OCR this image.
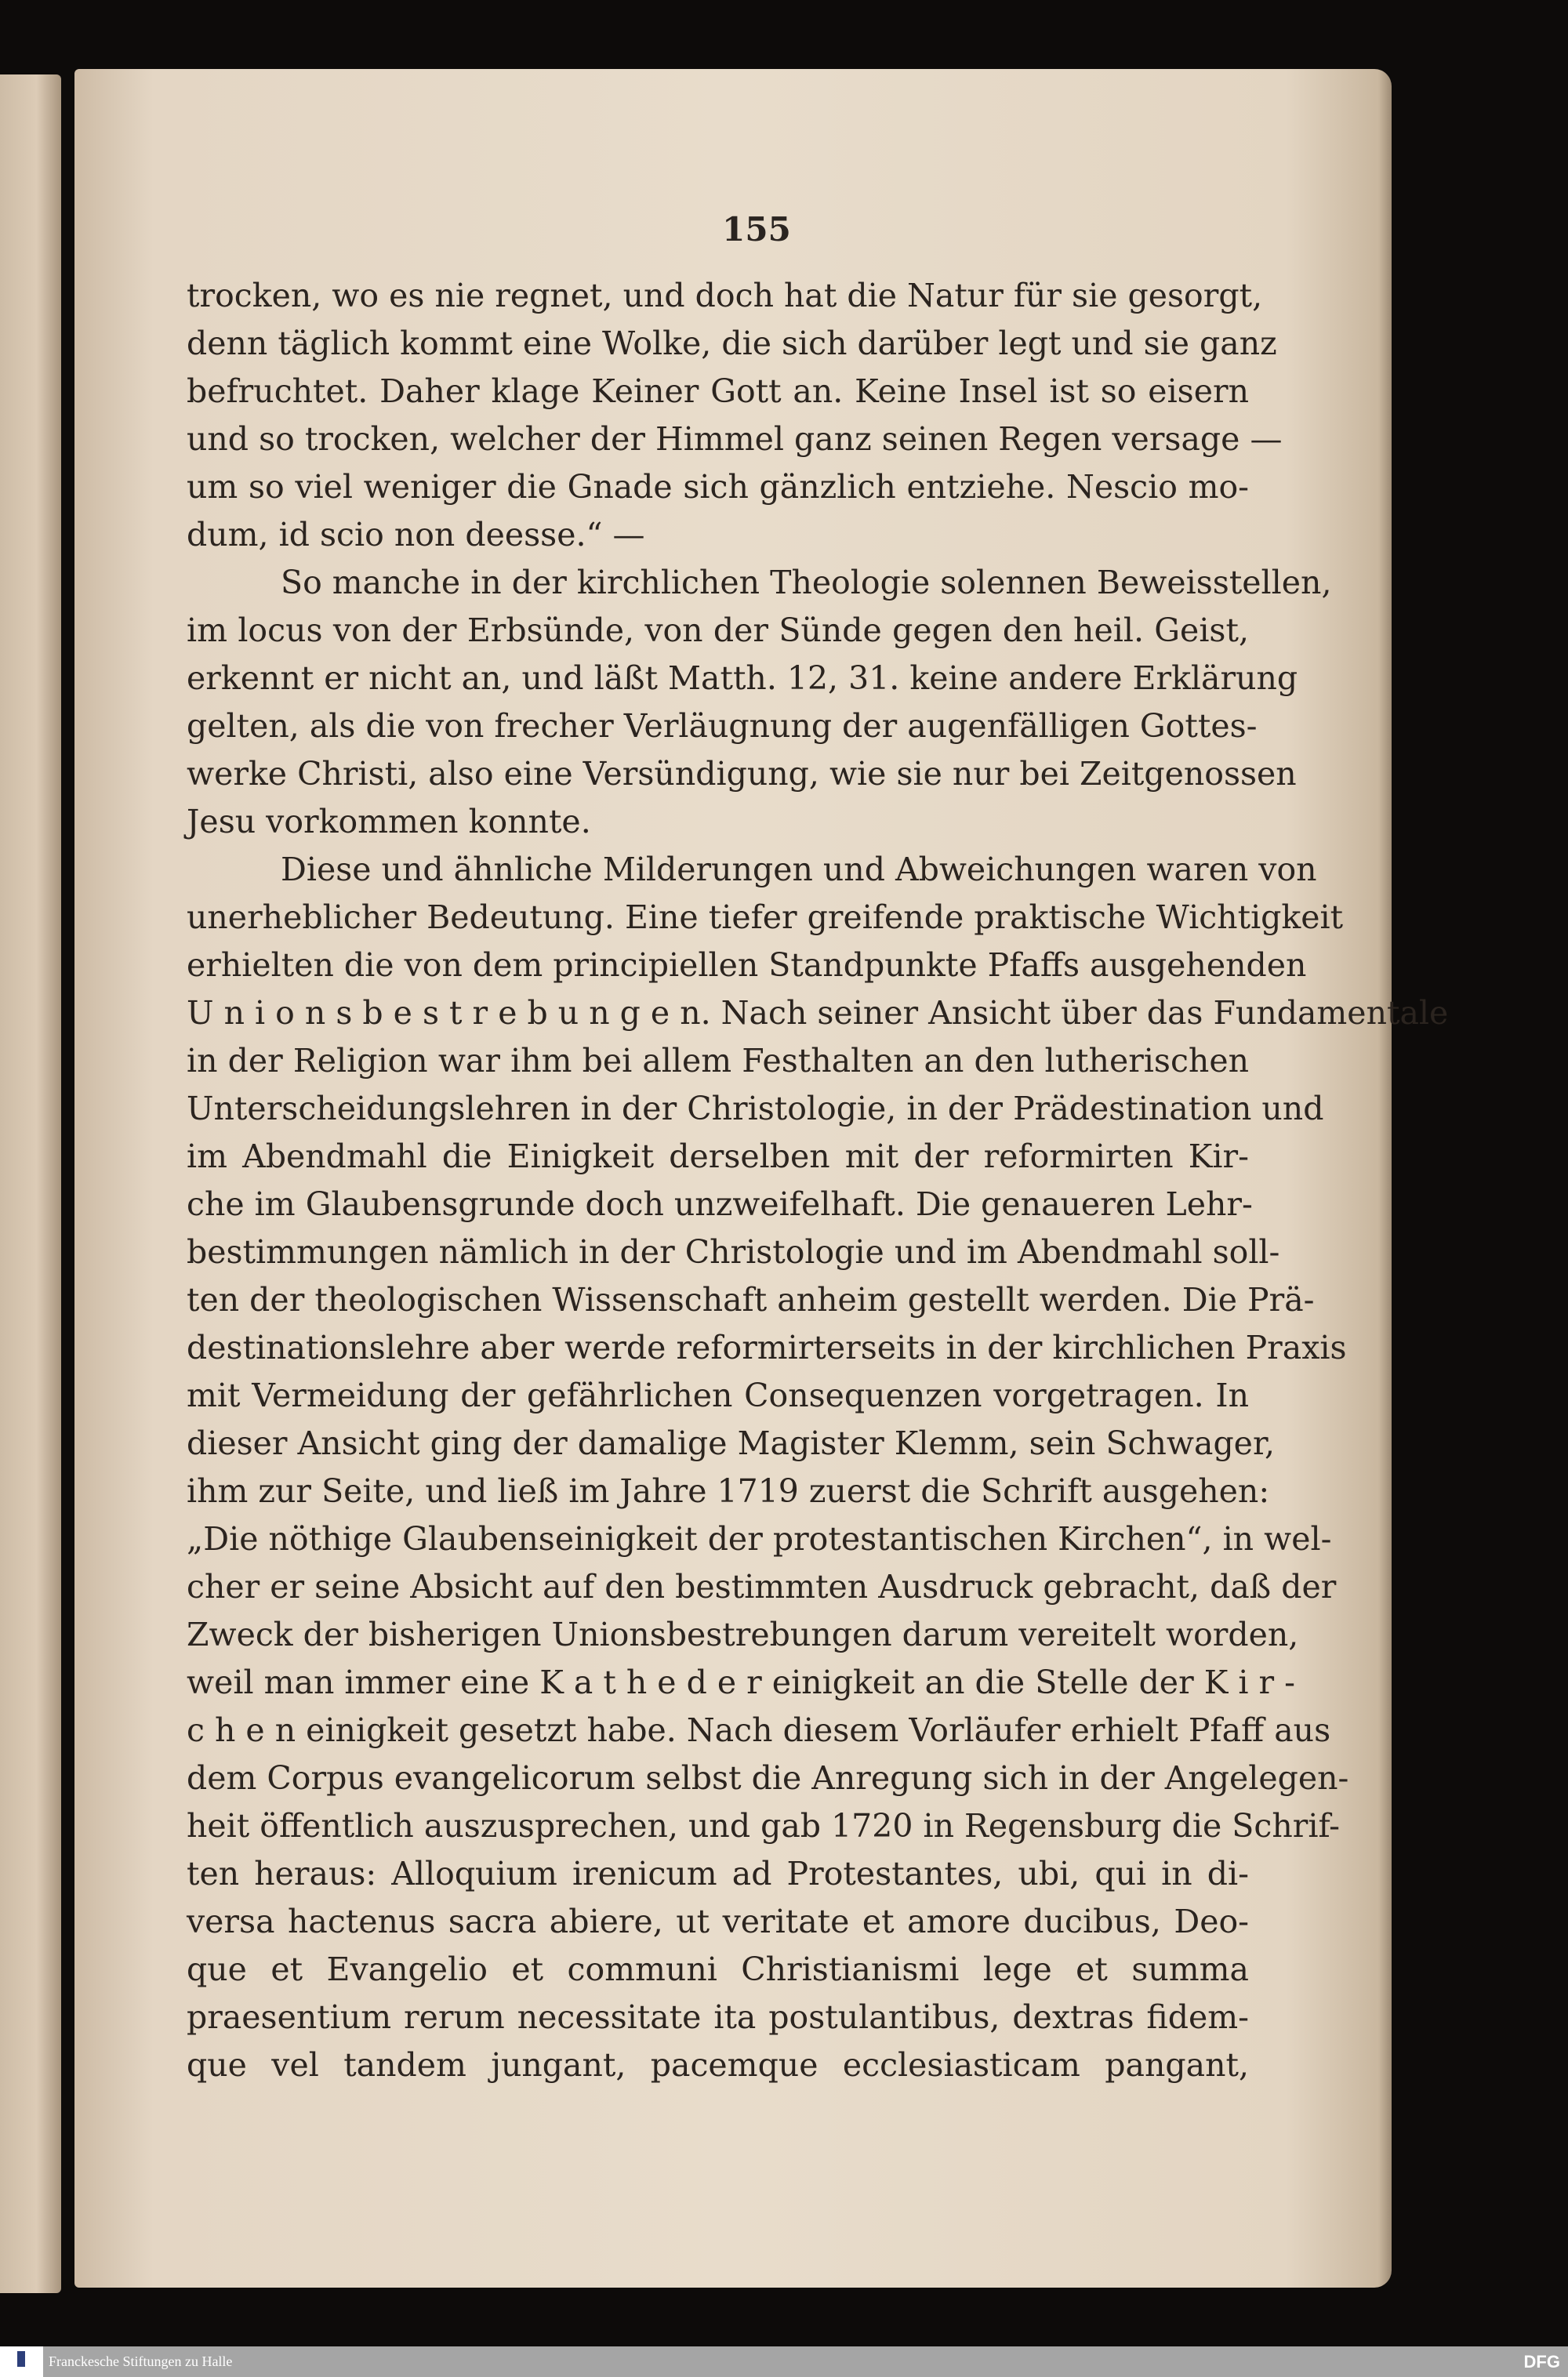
155
trocken, wo es nie regnet, und doch hat die Natur für sie gesorgt,
denn täglich kommt eine Wolke, die sich darüber legt und sie ganz
befruchtet. Daher klage Keiner Gott an. Keine Insel ist so eisern
und so trocken, welcher der Himmel ganz seinen Regen versage —
um so viel weniger die Gnade sich gänzlich entziehe. Nescio mo-
dum, id scio non deesse.“ —
So manche in der kirchlichen Theologie solennen Beweisstellen,
im locus von der Erbsünde, von der Sünde gegen den heil. Geist,
erkennt er nicht an, und läßt Matth. 12, 31. keine andere Erklärung
gelten, als die von frecher Verläugnung der augenfälligen Gottes-
werke Christi, also eine Versündigung, wie sie nur bei Zeitgenossen
Jesu vorkommen konnte.
Diese und ähnliche Milderungen und Abweichungen waren von
unerheblicher Bedeutung. Eine tiefer greifende praktische Wichtigkeit
erhielten die von dem principiellen Standpunkte Pfaffs ausgehenden
U n i o n s b e s t r e b u n g e n. Nach seiner Ansicht über das Fundamentale
in der Religion war ihm bei allem Festhalten an den lutherischen
Unterscheidungslehren in der Christologie, in der Prädestination und
im Abendmahl die Einigkeit derselben mit der reformirten Kir-
che im Glaubensgrunde doch unzweifelhaft. Die genaueren Lehr-
bestimmungen nämlich in der Christologie und im Abendmahl soll-
ten der theologischen Wissenschaft anheim gestellt werden. Die Prä-
destinationslehre aber werde reformirterseits in der kirchlichen Praxis
mit Vermeidung der gefährlichen Consequenzen vorgetragen. In
dieser Ansicht ging der damalige Magister Klemm, sein Schwager,
ihm zur Seite, und ließ im Jahre 1719 zuerst die Schrift ausgehen:
„Die nöthige Glaubenseinigkeit der protestantischen Kirchen“, in wel-
cher er seine Absicht auf den bestimmten Ausdruck gebracht, daß der
Zweck der bisherigen Unionsbestrebungen darum vereitelt worden,
weil man immer eine K a t h e d e r einigkeit an die Stelle der K i r -
c h e n einigkeit gesetzt habe. Nach diesem Vorläufer erhielt Pfaff aus
dem Corpus evangelicorum selbst die Anregung sich in der Angelegen-
heit öffentlich auszusprechen, und gab 1720 in Regensburg die Schrif-
ten heraus: Alloquium irenicum ad Protestantes, ubi, qui in di-
versa hactenus sacra abiere, ut veritate et amore ducibus, Deo-
que et Evangelio et communi Christianismi lege et summa
praesentium rerum necessitate ita postulantibus, dextras fidem-
que vel tandem jungant, pacemque ecclesiasticam pangant,
Franckesche Stiftungen zu Halle	DFG
